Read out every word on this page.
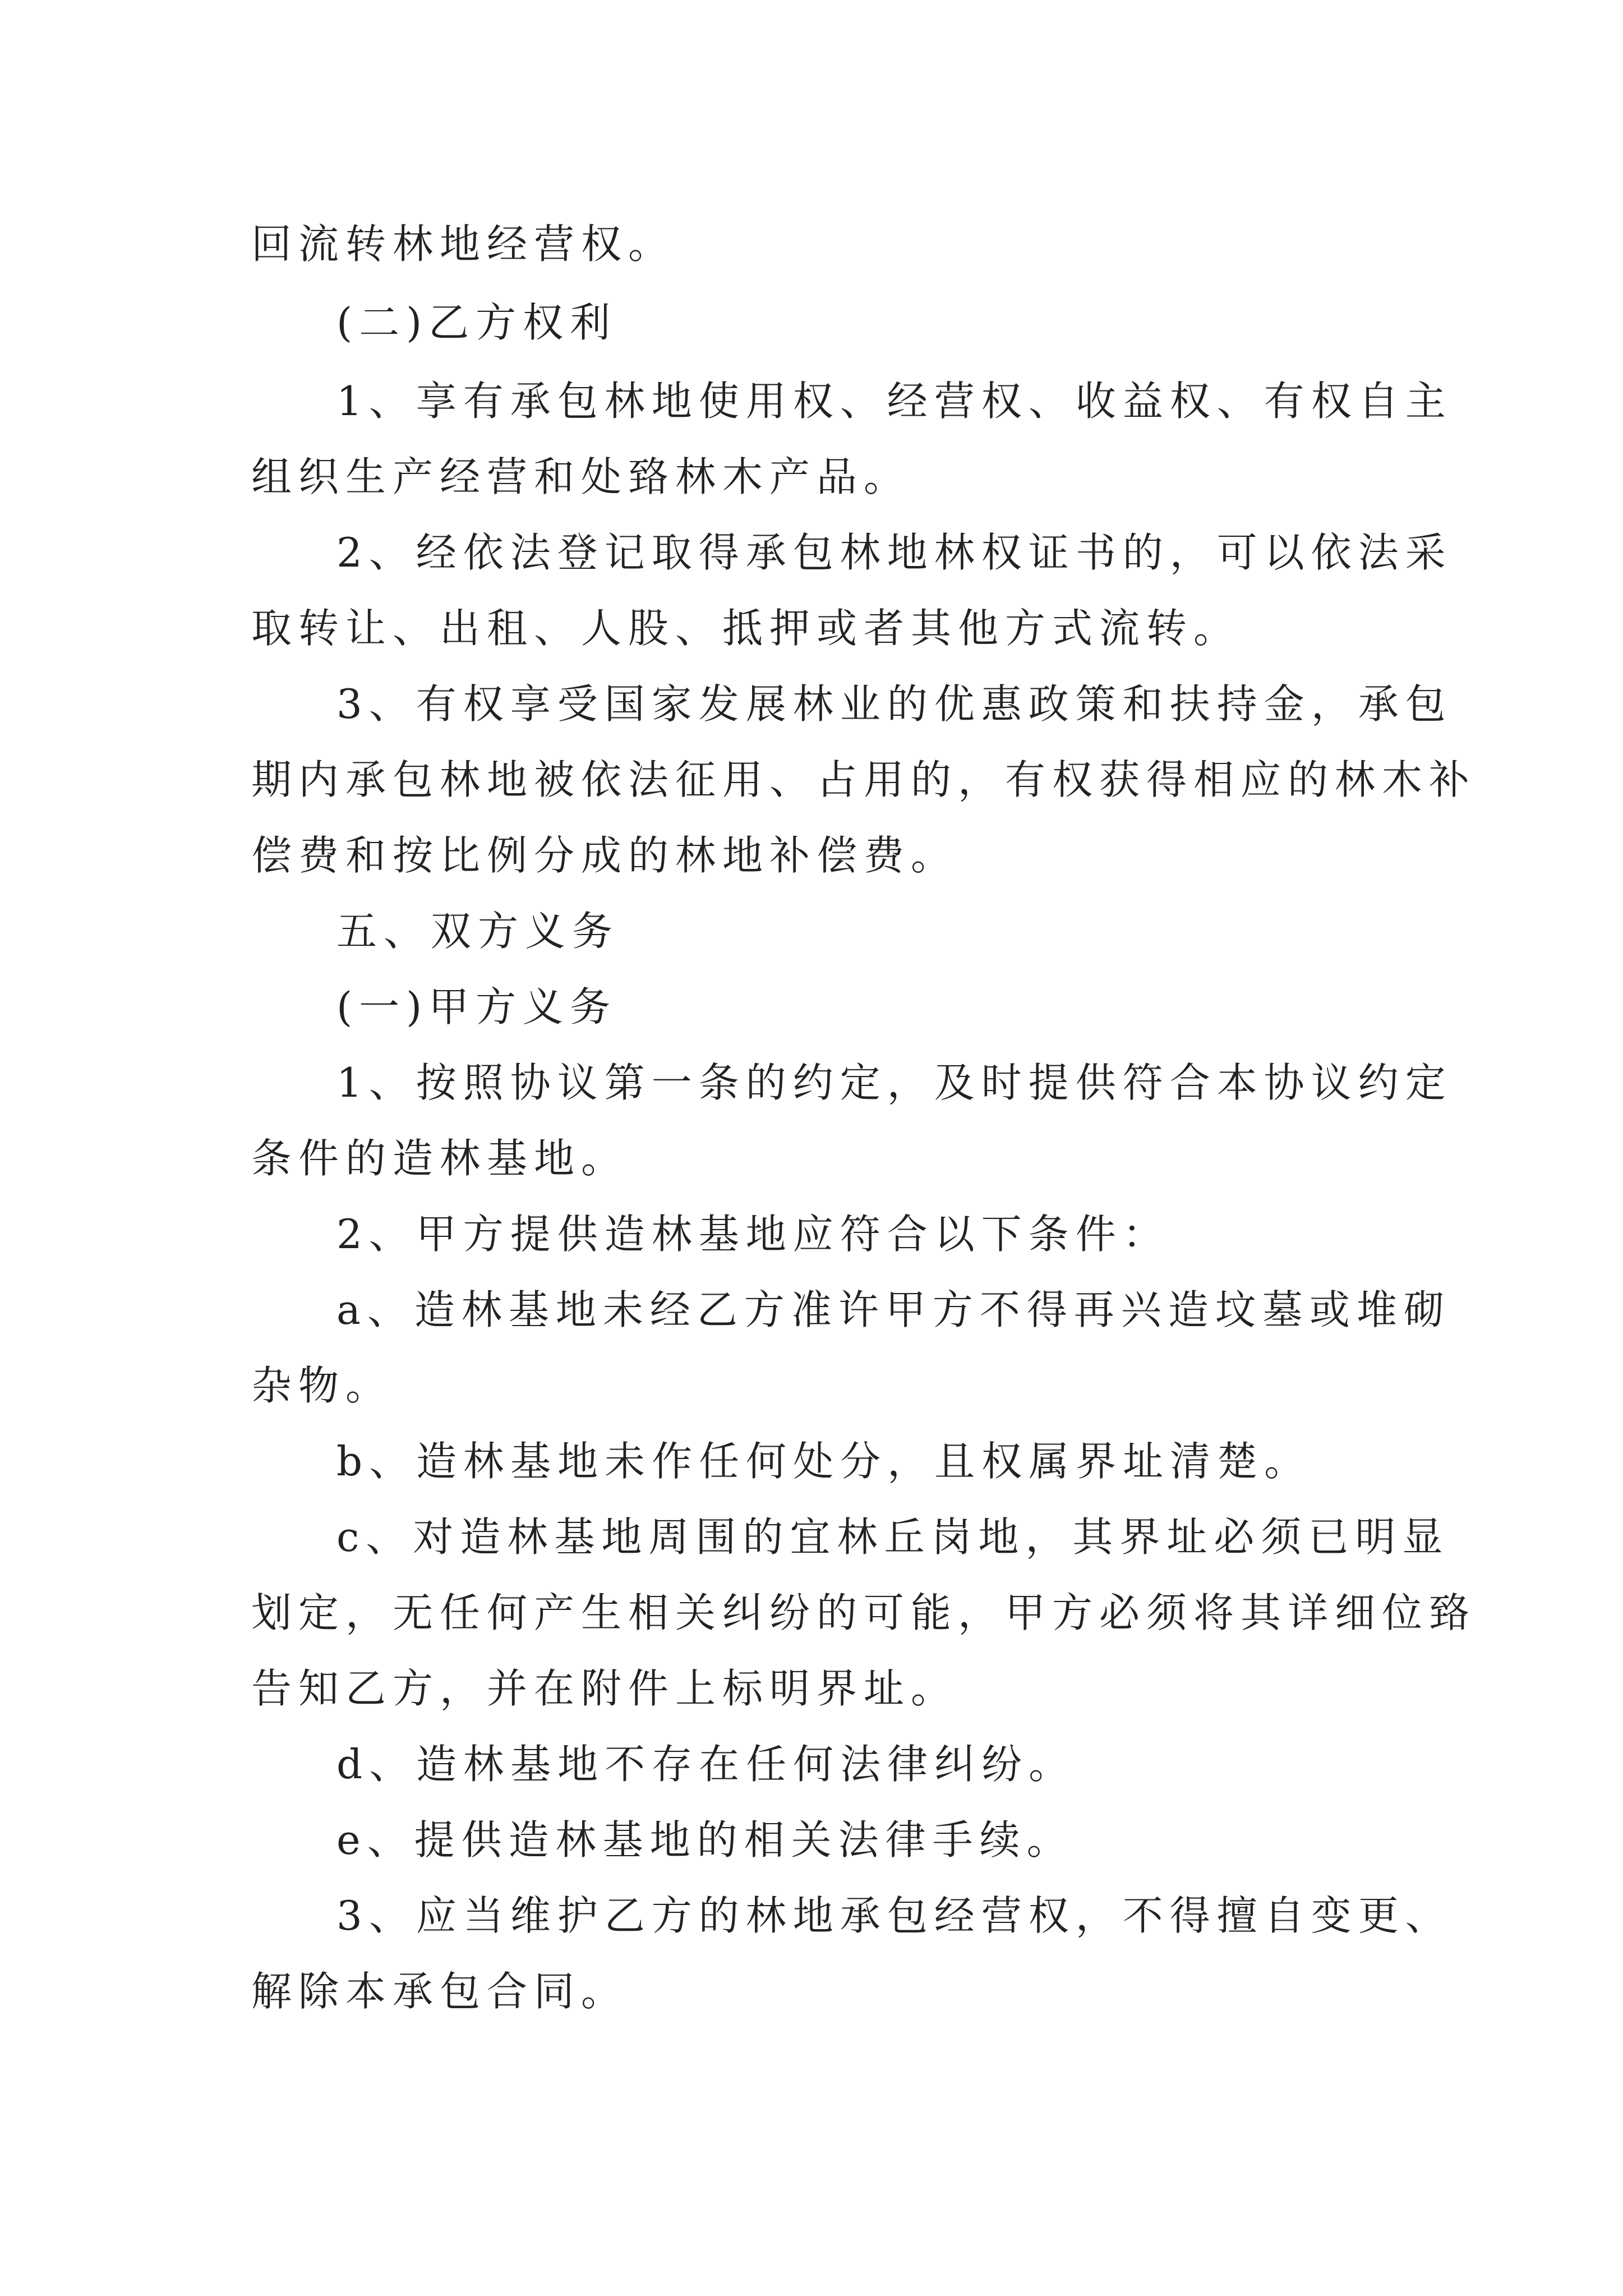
回流转林地经营权。
(二)乙方权利
1、享有承包林地使用权、经营权、收益权、有权自主
组织生产经营和处臵林木产品。
2、经依法登记取得承包林地林权证书的，可以依法采
取转让、出租、人股、抵押或者其他方式流转。
3、有权享受国家发展林业的优惠政策和扶持金，承包
期内承包林地被依法征用、占用的，有权获得相应的林木补
偿费和按比例分成的林地补偿费。
五、双方义务
(一)甲方义务
1、按照协议第一条的约定，及时提供符合本协议约定
条件的造林基地。
2、甲方提供造林基地应符合以下条件：
a、造林基地未经乙方准许甲方不得再兴造坟墓或堆砌
杂物。
b、造林基地未作任何处分，且权属界址清楚。
c、对造林基地周围的宜林丘岗地，其界址必须已明显
划定，无任何产生相关纠纷的可能，甲方必须将其详细位臵
告知乙方，并在附件上标明界址。
d、造林基地不存在任何法律纠纷。
e、提供造林基地的相关法律手续。
3、应当维护乙方的林地承包经营权，不得擅自变更、
解除本承包合同。
